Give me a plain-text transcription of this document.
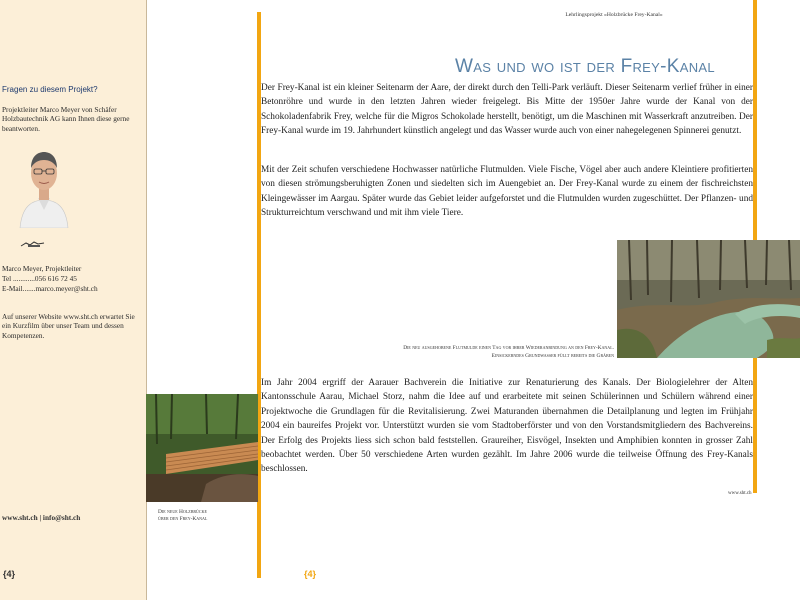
Fragen zu diesem Projekt?
Projektleiter Marco Meyer von Schäfer Holzbautechnik AG kann Ihnen diese gerne beantworten.
Marco Meyer, Projektleiter
Tel ............056 616 72 45
E-Mail.......marco.meyer@sht.ch
Auf unserer Website www.sht.ch erwartet Sie ein Kurzfilm über unser Team und dessen Kompetenzen.
www.sht.ch | info@sht.ch
{4}
Lehrlingsprojekt «Holzbrücke Frey-Kanal»
Was und wo ist der Frey-Kanal

Der Frey-Kanal ist ein kleiner Seitenarm der Aare, der direkt durch den Telli-Park verläuft. Dieser Seitenarm verlief früher in einer Betonröhre und wurde in den letzten Jahren wieder freigelegt. Bis Mitte der 1950er Jahre wurde der Kanal von der Schokoladenfabrik Frey, welche für die Migros Schokolade herstellt, benötigt, um die Maschinen mit Wasserkraft anzutreiben. Der Frey-Kanal wurde im 19. Jahrhundert künstlich angelegt und das Wasser wurde auch von einer nahegelegenen Spinnerei genutzt.

Mit der Zeit schufen verschiedene Hochwasser natürliche Flutmulden. Viele Fische, Vögel aber auch andere Kleintiere profitierten von diesen strömungsberuhigten Zonen und siedelten sich im Auengebiet an. Der Frey-Kanal wurde zu einem der fischreichsten Kleingewässer im Aargau. Später wurde das Gebiet leider aufgeforstet und die Flutmulden wurden zugeschüttet. Der Pflanzen- und Strukturreichtum verschwand und mit ihm viele Tiere.

Die neu ausgehobene Flutmulde einen Tag vor ihrer Wiederanbindung an den Frey-Kanal.
Einsickerndes Grundwasser füllt bereits die Gräben

Im Jahr 2004 ergriff der Aarauer Bachverein die Initiative zur Renaturierung des Kanals. Der Biologielehrer der Alten Kantonsschule Aarau, Michael Storz, nahm die Idee auf und erarbeitete mit seinen Schülerinnen und Schülern während einer Projektwoche die Grundlagen für die Revitalisierung. Zwei Maturanden übernahmen die Detailplanung und legten im Frühjahr 2004 ein baureifes Projekt vor. Unterstützt wurden sie vom Stadtoberförster und von den Vorstandsmitgliedern des Bachvereins. Der Erfolg des Projekts liess sich schon bald feststellen. Graureiher, Eisvögel, Insekten und Amphibien konnten in grosser Zahl beobachtet werden. Über 50 verschiedene Arten wurden gezählt. Im Jahre 2006 wurde die teilweise Öffnung des Frey-Kanals beschlossen.

Die neue Holzbrücke
über den Frey-Kanal
www.sht.ch
{4}
